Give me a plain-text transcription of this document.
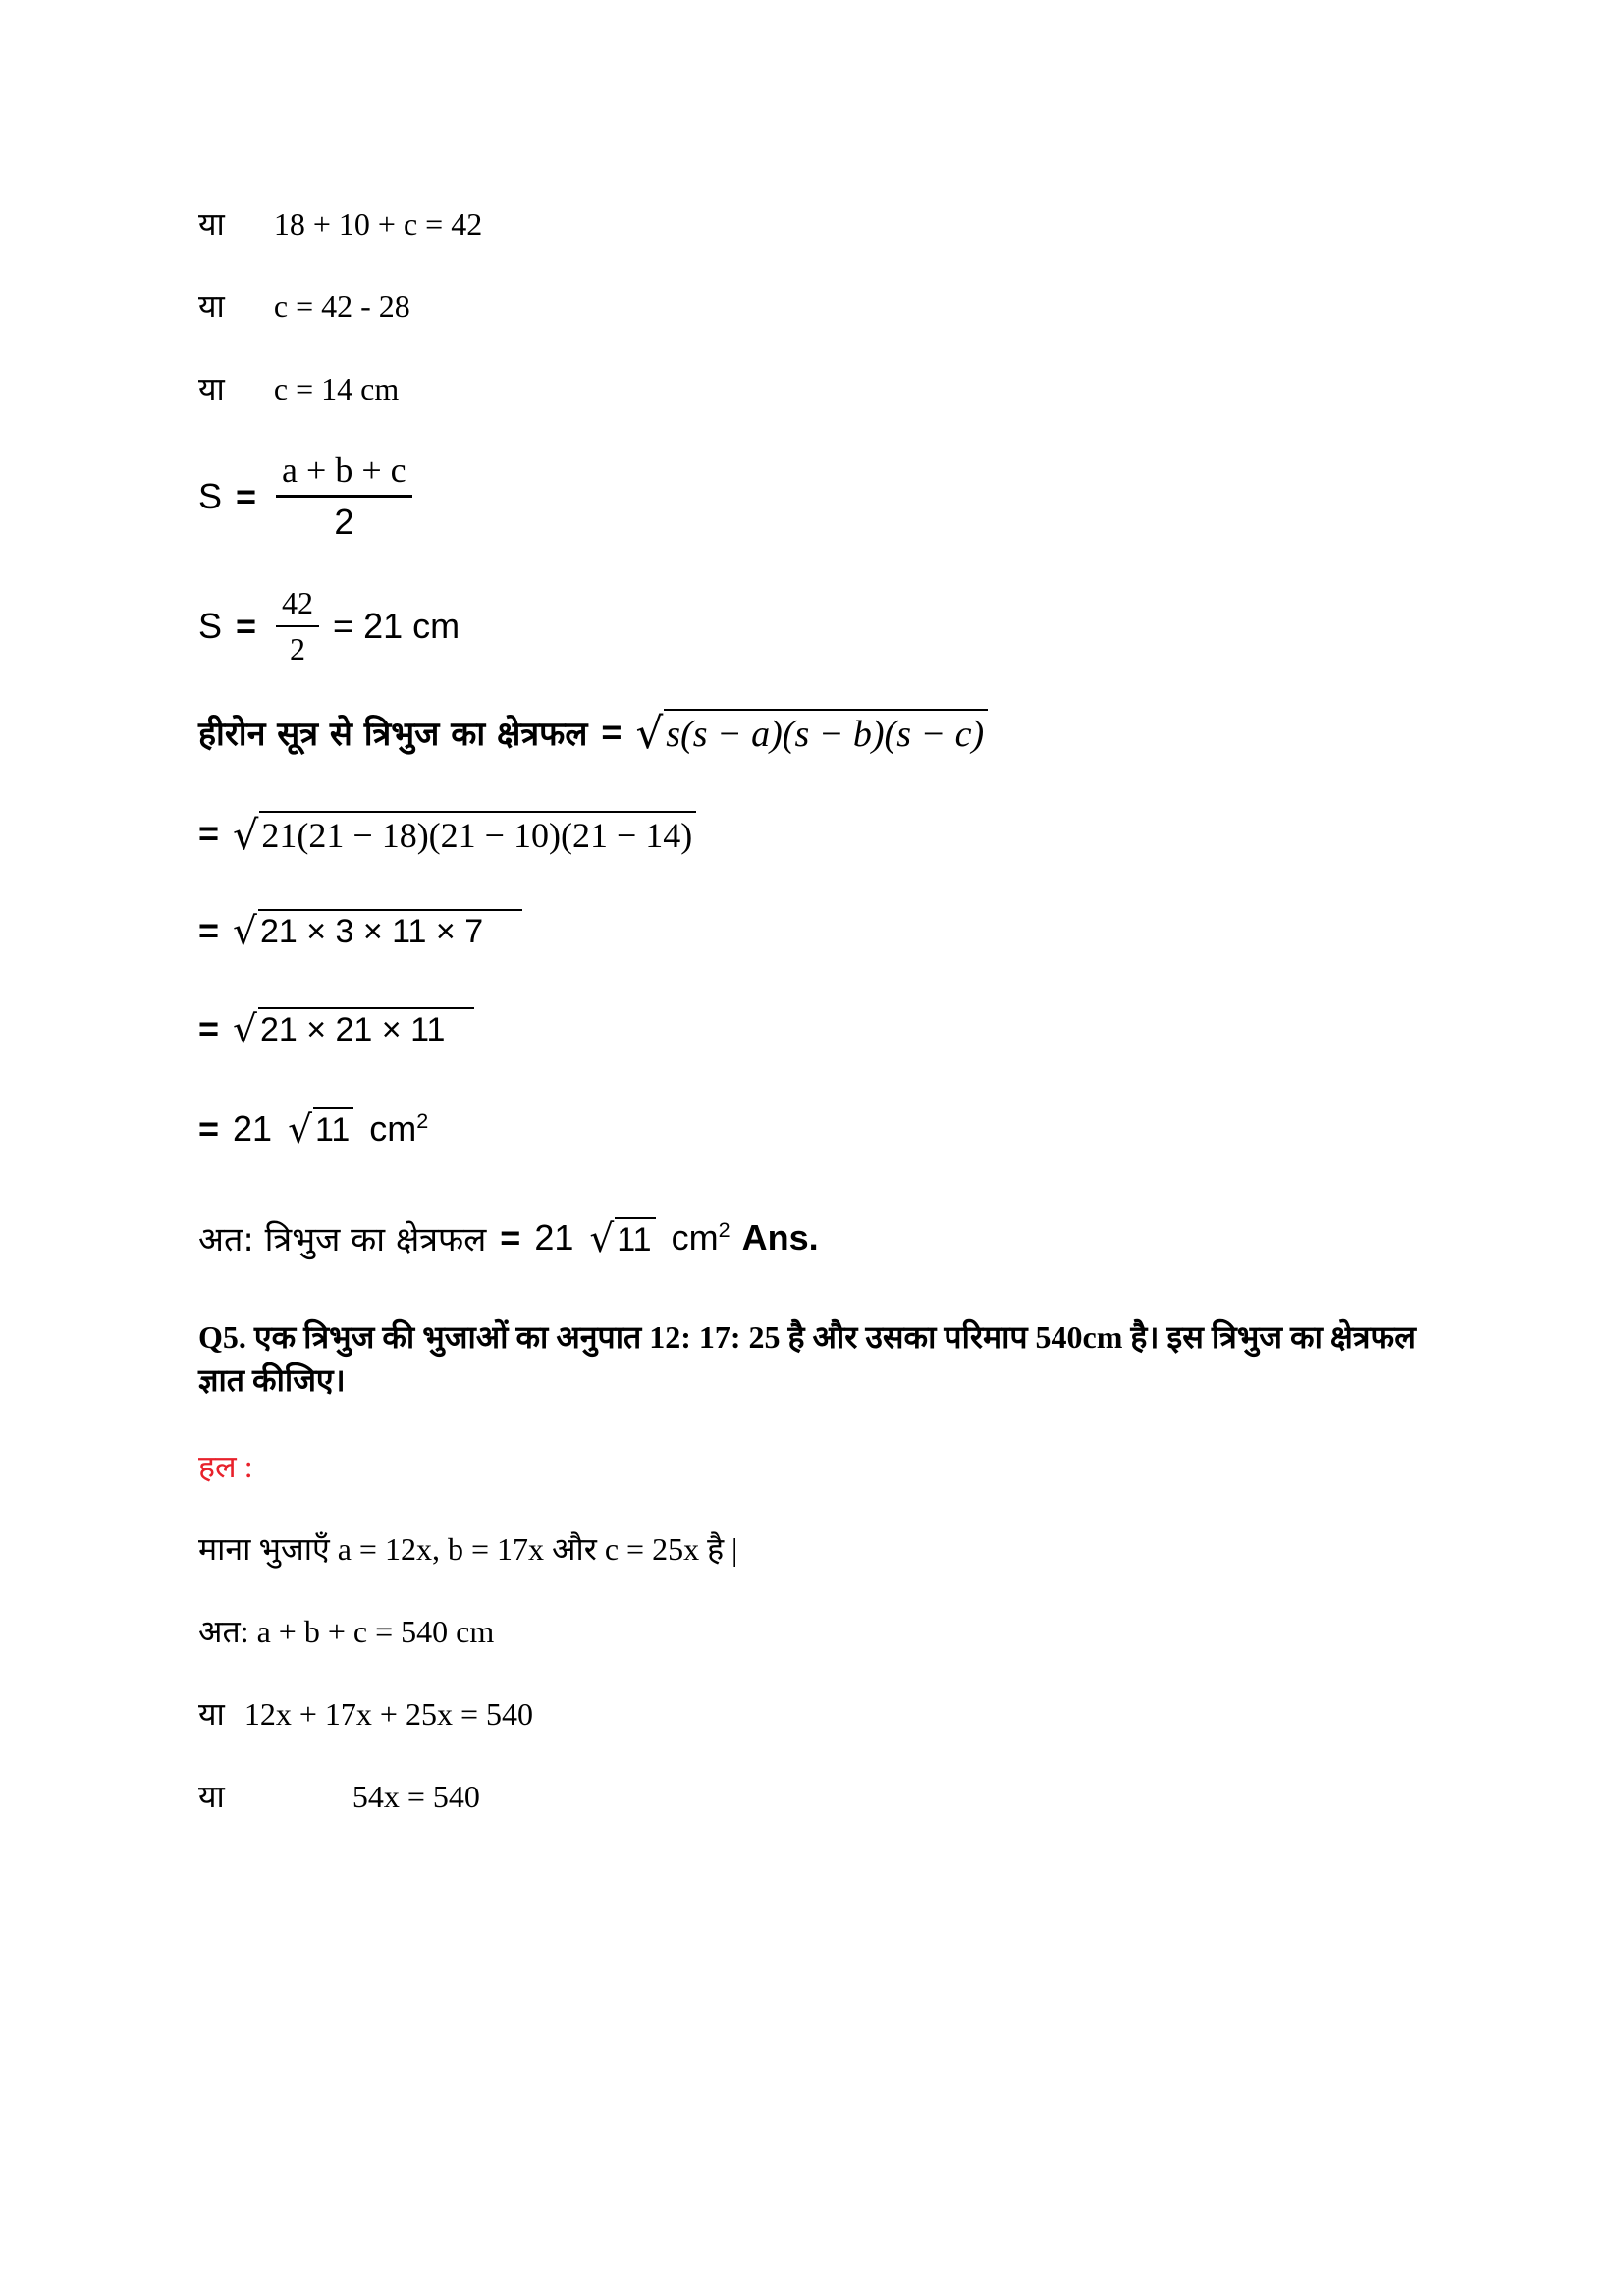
या 18 + 10 + c = 42
या c = 42 - 28
या c = 14 cm
$S = \frac{a + b + c}{2}$
$S = \frac{42}{2} = 21$ cm
हीरोन सूत्र से त्रिभुज का क्षेत्रफल = √ s(s − a)(s − b)(s − c)
= √ 21(21 − 18)(21 − 10)(21 − 14)
= √ 21 × 3 × 11 × 7
= √ 21 × 21 × 11
= 21 √ 11 $cm^2$
अत: त्रिभुज का क्षेत्रफल = 21 √ 11 $cm^2$ Ans.
Q5. एक त्रिभुज की भुजाओं का अनुपात 12: 17: 25 है और उसका परिमाप 540cm है। इस त्रिभुज का क्षेत्रफल ज्ञात कीजिए।
हल :
माना भुजाएँ a = 12x, b = 17x और c = 25x है |
अत: a + b + c = 540 cm
या 12x + 17x + 25x = 540
या	54x = 540
